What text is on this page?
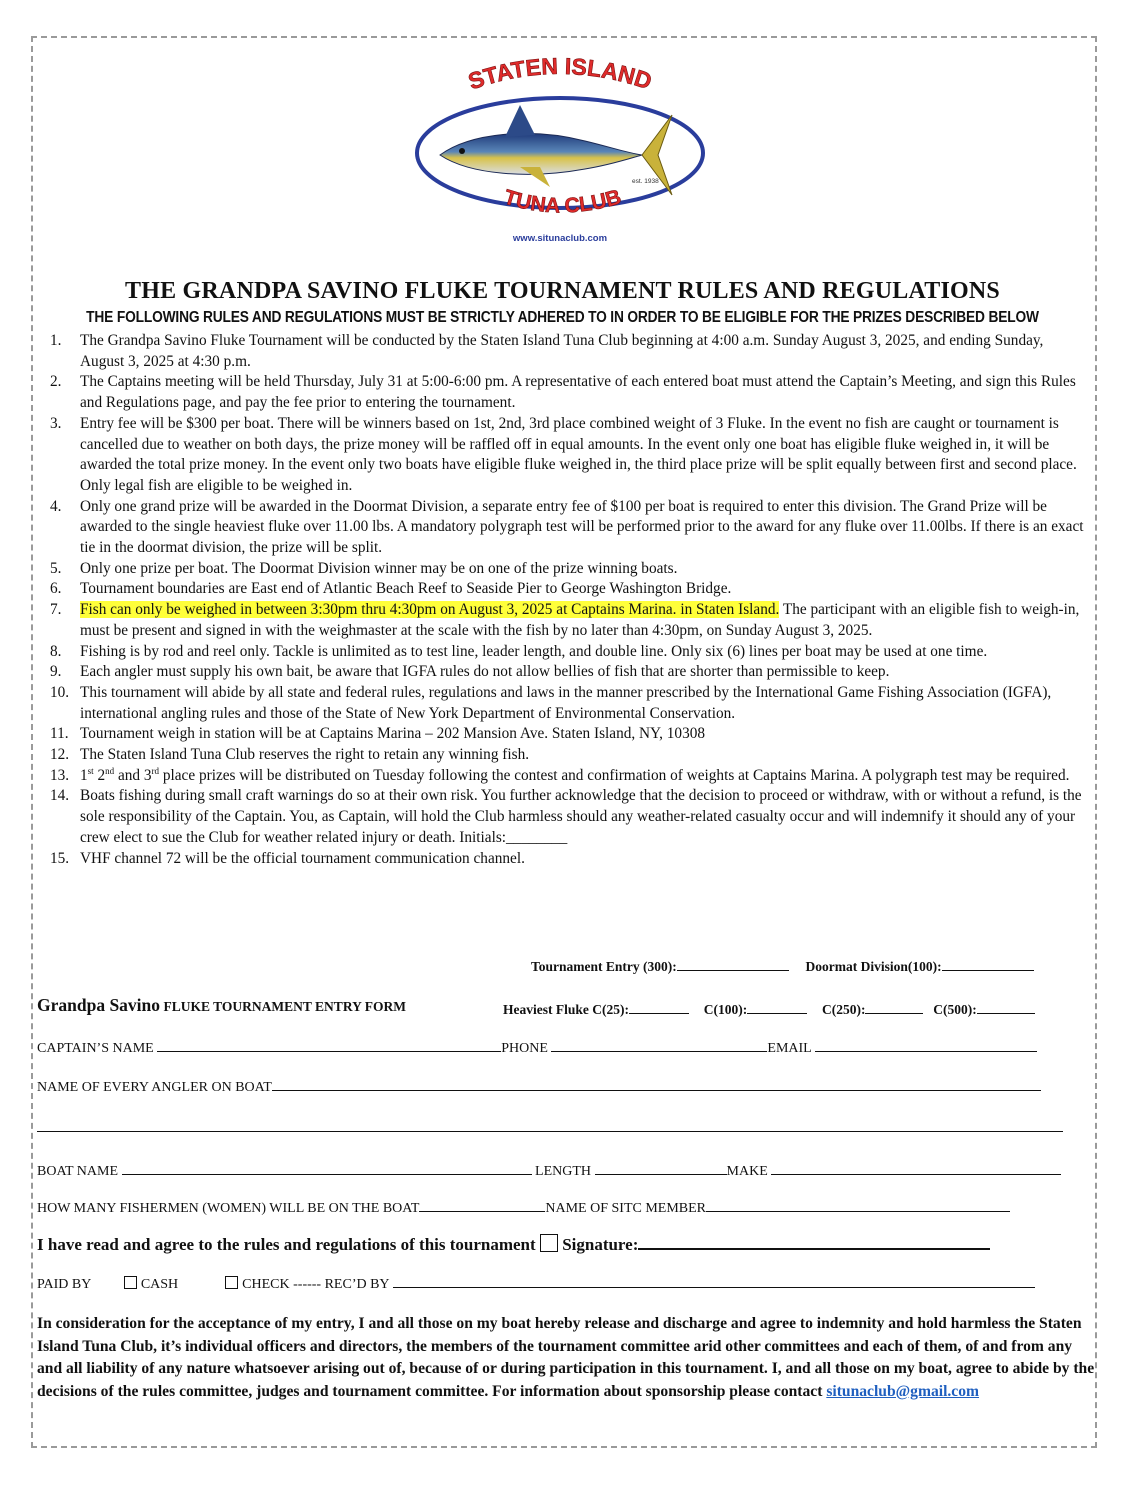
STATEN ISLAND
est. 1938
TUNA CLUB
www.situnaclub.com
THE GRANDPA SAVINO FLUKE TOURNAMENT RULES AND REGULATIONS
THE FOLLOWING RULES AND REGULATIONS MUST BE STRICTLY ADHERED TO IN ORDER TO BE ELIGIBLE FOR THE PRIZES DESCRIBED BELOW
1. The Grandpa Savino Fluke Tournament will be conducted by the Staten Island Tuna Club beginning at 4:00 a.m. Sunday August 3, 2025, and ending Sunday, August 3, 2025 at 4:30 p.m.
2. The Captains meeting will be held Thursday, July 31 at 5:00-6:00 pm. A representative of each entered boat must attend the Captain’s Meeting, and sign this Rules and Regulations page, and pay the fee prior to entering the tournament.
3. Entry fee will be $300 per boat. There will be winners based on 1st, 2nd, 3rd place combined weight of 3 Fluke. In the event no fish are caught or tournament is cancelled due to weather on both days, the prize money will be raffled off in equal amounts. In the event only one boat has eligible fluke weighed in, it will be awarded the total prize money. In the event only two boats have eligible fluke weighed in, the third place prize will be split equally between first and second place. Only legal fish are eligible to be weighed in.
4. Only one grand prize will be awarded in the Doormat Division, a separate entry fee of $100 per boat is required to enter this division. The Grand Prize will be awarded to the single heaviest fluke over 11.00 lbs. A mandatory polygraph test will be performed prior to the award for any fluke over 11.00lbs. If there is an exact tie in the doormat division, the prize will be split.
5. Only one prize per boat. The Doormat Division winner may be on one of the prize winning boats.
6. Tournament boundaries are East end of Atlantic Beach Reef to Seaside Pier to George Washington Bridge.
7. Fish can only be weighed in between 3:30pm thru 4:30pm on August 3, 2025 at Captains Marina. in Staten Island. The participant with an eligible fish to weigh-in, must be present and signed in with the weighmaster at the scale with the fish by no later than 4:30pm, on Sunday August 3, 2025.
8. Fishing is by rod and reel only. Tackle is unlimited as to test line, leader length, and double line. Only six (6) lines per boat may be used at one time.
9. Each angler must supply his own bait, be aware that IGFA rules do not allow bellies of fish that are shorter than permissible to keep.
10. This tournament will abide by all state and federal rules, regulations and laws in the manner prescribed by the International Game Fishing Association (IGFA), international angling rules and those of the State of New York Department of Environmental Conservation.
11. Tournament weigh in station will be at Captains Marina – 202 Mansion Ave. Staten Island, NY, 10308
12. The Staten Island Tuna Club reserves the right to retain any winning fish.
13. 1st 2nd and 3rd place prizes will be distributed on Tuesday following the contest and confirmation of weights at Captains Marina. A polygraph test may be required.
14. Boats fishing during small craft warnings do so at their own risk. You further acknowledge that the decision to proceed or withdraw, with or without a refund, is the sole responsibility of the Captain. You, as Captain, will hold the Club harmless should any weather-related casualty occur and will indemnify it should any of your crew elect to sue the Club for weather related injury or death. Initials:________
15. VHF channel 72 will be the official tournament communication channel.
Tournament Entry (300):	Doormat Division(100):
Grandpa Savino FLUKE TOURNAMENT ENTRY FORM	Heaviest Fluke C(25):	C(100):	C(250):	C(500):
CAPTAIN’S NAME	PHONE	EMAIL
NAME OF EVERY ANGLER ON BOAT
BOAT NAME	LENGTH	MAKE
HOW MANY FISHERMEN (WOMEN) WILL BE ON THE BOAT	NAME OF SITC MEMBER
I have read and agree to the rules and regulations of this tournament Signature:
PAID BY	CASH	CHECK ------ REC’D BY
In consideration for the acceptance of my entry, I and all those on my boat hereby release and discharge and agree to indemnity and hold harmless the Staten Island Tuna Club, it’s individual officers and directors, the members of the tournament committee arid other committees and each of them, of and from any and all liability of any nature whatsoever arising out of, because of or during participation in this tournament. I, and all those on my boat, agree to abide by the decisions of the rules committee, judges and tournament committee. For information about sponsorship please contact situnaclub@gmail.com
